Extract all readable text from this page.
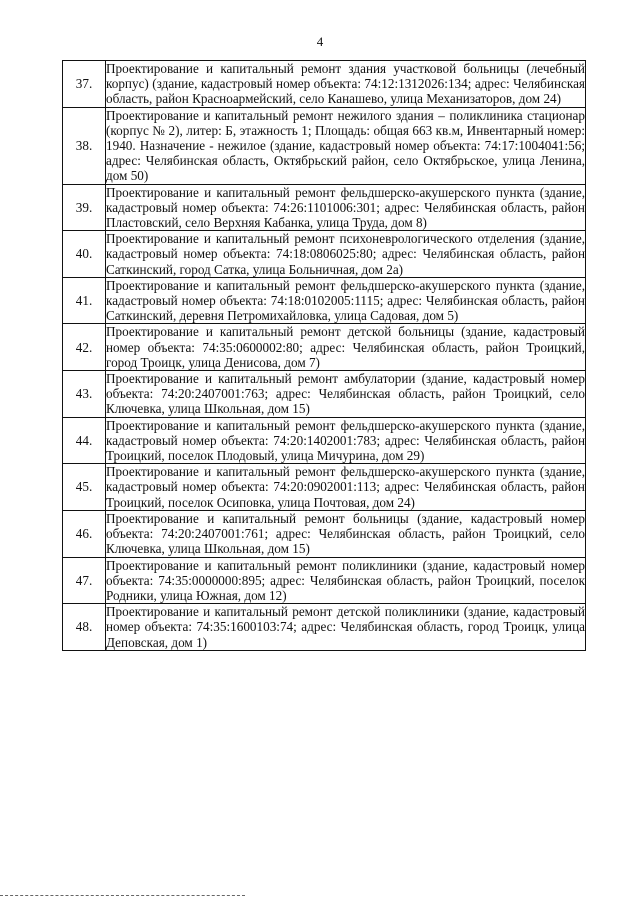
4
37.	Проектирование и капитальный ремонт здания участковой больницы (лечебный корпус) (здание, кадастровый номер объекта: 74:12:1312026:134; адрес: Челябинская область, район Красноармейский, село Канашево, улица Механизаторов, дом 24)
38.	Проектирование и капитальный ремонт нежилого здания – поликлиника стационар (корпус № 2), литер: Б, этажность 1; Площадь: общая 663 кв.м, Инвентарный номер: 1940. Назначение - нежилое (здание, кадастровый номер объекта: 74:17:1004041:56; адрес: Челябинская область, Октябрьский район, село Октябрьское, улица Ленина, дом 50)
39.	Проектирование и капитальный ремонт фельдшерско-акушерского пункта (здание, кадастровый номер объекта: 74:26:1101006:301; адрес: Челябинская область, район Пластовский, село Верхняя Кабанка, улица Труда, дом 8)
40.	Проектирование и капитальный ремонт психоневрологического отделения (здание, кадастровый номер объекта: 74:18:0806025:80; адрес: Челябинская область, район Саткинский, город Сатка, улица Больничная, дом 2а)
41.	Проектирование и капитальный ремонт фельдшерско-акушерского пункта (здание, кадастровый номер объекта: 74:18:0102005:1115; адрес: Челябинская область, район Саткинский, деревня Петромихайловка, улица Садовая, дом 5)
42.	Проектирование и капитальный ремонт детской больницы (здание, кадастровый номер объекта: 74:35:0600002:80; адрес: Челябинская область, район Троицкий, город Троицк, улица Денисова, дом 7)
43.	Проектирование и капитальный ремонт амбулатории (здание, кадастровый номер объекта: 74:20:2407001:763; адрес: Челябинская область, район Троицкий, село Ключевка, улица Школьная, дом 15)
44.	Проектирование и капитальный ремонт фельдшерско-акушерского пункта (здание, кадастровый номер объекта: 74:20:1402001:783; адрес: Челябинская область, район Троицкий, поселок Плодовый, улица Мичурина, дом 29)
45.	Проектирование и капитальный ремонт фельдшерско-акушерского пункта (здание, кадастровый номер объекта: 74:20:0902001:113; адрес: Челябинская область, район Троицкий, поселок Осиповка, улица Почтовая, дом 24)
46.	Проектирование и капитальный ремонт больницы (здание, кадастровый номер объекта: 74:20:2407001:761; адрес: Челябинская область, район Троицкий, село Ключевка, улица Школьная, дом 15)
47.	Проектирование и капитальный ремонт поликлиники (здание, кадастровый номер объекта: 74:35:0000000:895; адрес: Челябинская область, район Троицкий, поселок Родники, улица Южная, дом 12)
48.	Проектирование и капитальный ремонт детской поликлиники (здание, кадастровый номер объекта: 74:35:1600103:74; адрес: Челябинская область, город Троицк, улица Деповская, дом 1)
